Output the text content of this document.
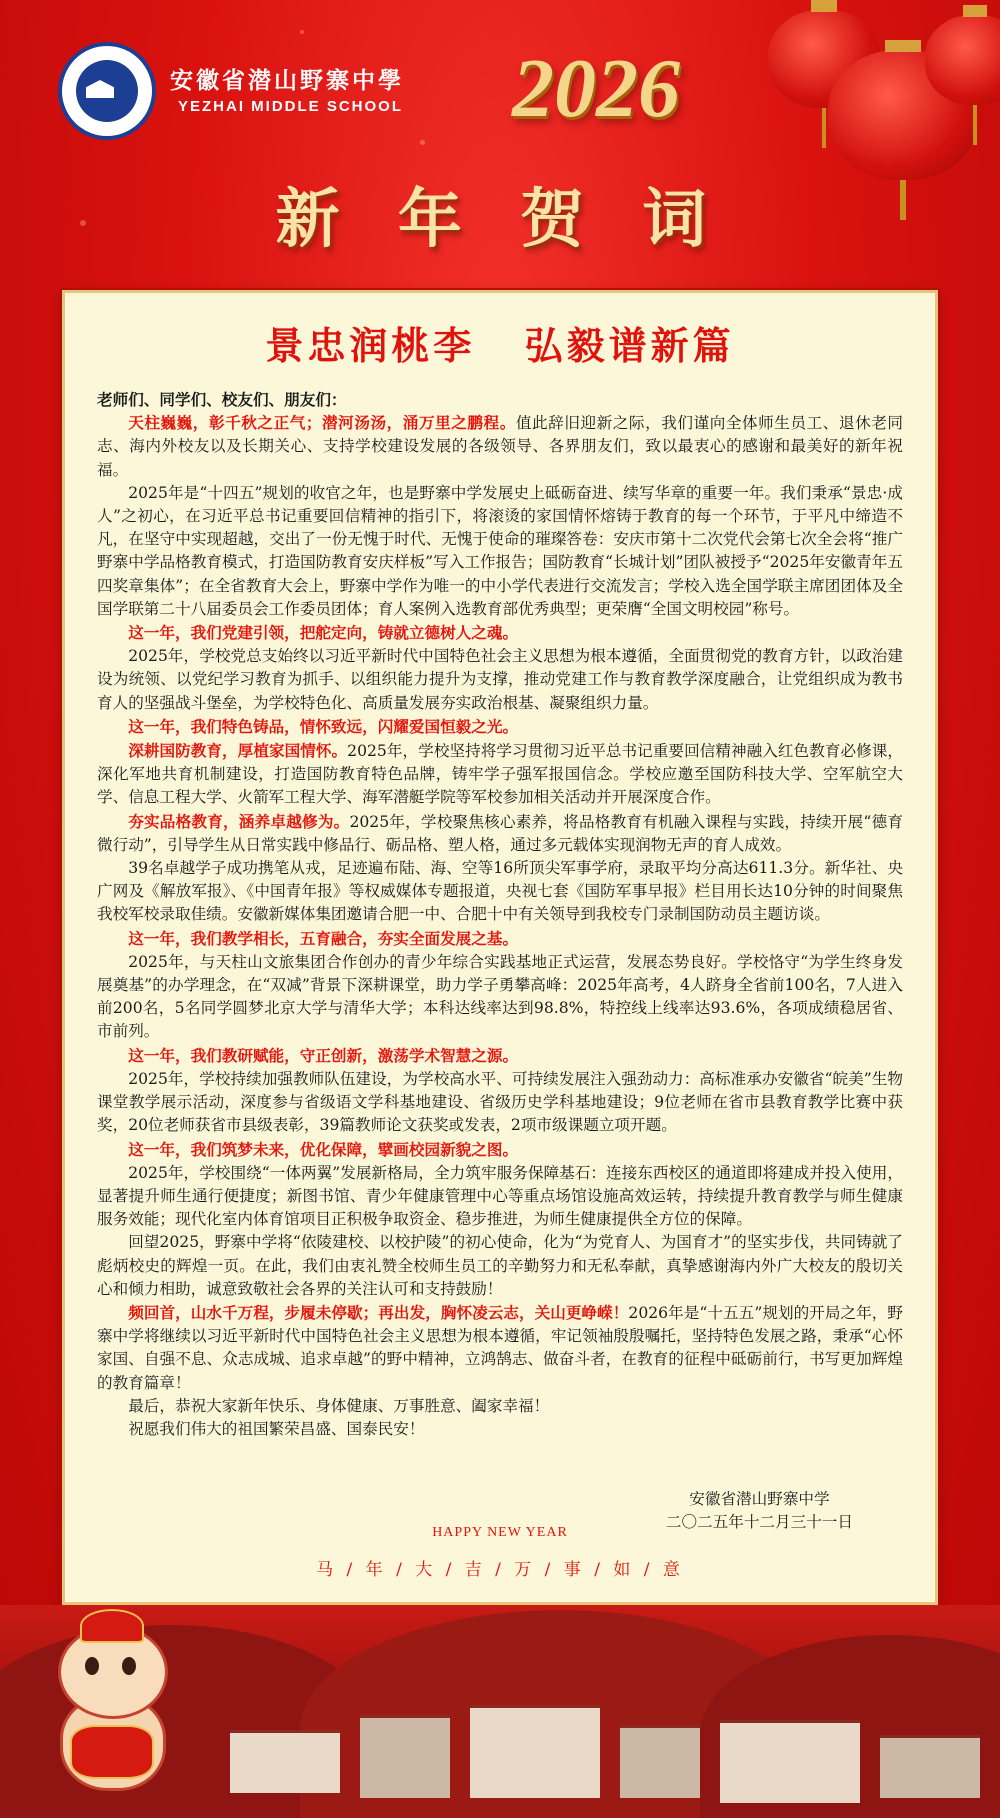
安徽省潜山野寨中學
YEZHAI MIDDLE SCHOOL 2026
新 年 贺 词
景忠润桃李 弘毅谱新篇

老师们、同学们、校友们、朋友们：

天柱巍巍，彰千秋之正气；潜河汤汤，涌万里之鹏程。值此辞旧迎新之际，我们谨向全体师生员工、退休老同志、海内外校友以及长期关心、支持学校建设发展的各级领导、各界朋友们，致以最衷心的感谢和最美好的新年祝福。

2025年是“十四五”规划的收官之年，也是野寨中学发展史上砥砺奋进、续写华章的重要一年。我们秉承“景忠·成人”之初心，在习近平总书记重要回信精神的指引下，将滚烫的家国情怀熔铸于教育的每一个环节，于平凡中缔造不凡，在坚守中实现超越，交出了一份无愧于时代、无愧于使命的璀璨答卷：安庆市第十二次党代会第七次全会将“推广野寨中学品格教育模式，打造国防教育安庆样板”写入工作报告；国防教育“长城计划”团队被授予“2025年安徽青年五四奖章集体”；在全省教育大会上，野寨中学作为唯一的中小学代表进行交流发言；学校入选全国学联主席团团体及全国学联第二十八届委员会工作委员团体；育人案例入选教育部优秀典型；更荣膺“全国文明校园”称号。

这一年，我们党建引领，把舵定向，铸就立德树人之魂。

2025年，学校党总支始终以习近平新时代中国特色社会主义思想为根本遵循，全面贯彻党的教育方针，以政治建设为统领、以党纪学习教育为抓手、以组织能力提升为支撑，推动党建工作与教育教学深度融合，让党组织成为教书育人的坚强战斗堡垒，为学校特色化、高质量发展夯实政治根基、凝聚组织力量。

这一年，我们特色铸品，情怀致远，闪耀爱国恒毅之光。

深耕国防教育，厚植家国情怀。2025年，学校坚持将学习贯彻习近平总书记重要回信精神融入红色教育必修课，深化军地共育机制建设，打造国防教育特色品牌，铸牢学子强军报国信念。学校应邀至国防科技大学、空军航空大学、信息工程大学、火箭军工程大学、海军潜艇学院等军校参加相关活动并开展深度合作。

夯实品格教育，涵养卓越修为。2025年，学校聚焦核心素养，将品格教育有机融入课程与实践，持续开展“德育微行动”，引导学生从日常实践中修品行、砺品格、塑人格，通过多元载体实现润物无声的育人成效。

39名卓越学子成功携笔从戎，足迹遍布陆、海、空等16所顶尖军事学府，录取平均分高达611.3分。新华社、央广网及《解放军报》、《中国青年报》等权威媒体专题报道，央视七套《国防军事早报》栏目用长达10分钟的时间聚焦我校军校录取佳绩。安徽新媒体集团邀请合肥一中、合肥十中有关领导到我校专门录制国防动员主题访谈。

这一年，我们教学相长，五育融合，夯实全面发展之基。

2025年，与天柱山文旅集团合作创办的青少年综合实践基地正式运营，发展态势良好。学校恪守“为学生终身发展奠基”的办学理念，在“双减”背景下深耕课堂，助力学子勇攀高峰：2025年高考，4人跻身全省前100名，7人进入前200名，5名同学圆梦北京大学与清华大学；本科达线率达到98.8%，特控线上线率达93.6%，各项成绩稳居省、市前列。

这一年，我们教研赋能，守正创新，激荡学术智慧之源。

2025年，学校持续加强教师队伍建设，为学校高水平、可持续发展注入强劲动力：高标准承办安徽省“皖美”生物课堂教学展示活动，深度参与省级语文学科基地建设、省级历史学科基地建设；9位老师在省市县教育教学比赛中获奖，20位老师获省市县级表彰，39篇教师论文获奖或发表，2项市级课题立项开题。

这一年，我们筑梦未来，优化保障，擘画校园新貌之图。

2025年，学校围绕“一体两翼”发展新格局，全力筑牢服务保障基石：连接东西校区的通道即将建成并投入使用，显著提升师生通行便捷度；新图书馆、青少年健康管理中心等重点场馆设施高效运转，持续提升教育教学与师生健康服务效能；现代化室内体育馆项目正积极争取资金、稳步推进，为师生健康提供全方位的保障。

回望2025，野寨中学将“依陵建校、以校护陵”的初心使命，化为“为党育人、为国育才”的坚实步伐，共同铸就了彪炳校史的辉煌一页。在此，我们由衷礼赞全校师生员工的辛勤努力和无私奉献，真挚感谢海内外广大校友的殷切关心和倾力相助，诚意致敬社会各界的关注认可和支持鼓励！

频回首，山水千万程，步履未停歇；再出发，胸怀凌云志，关山更峥嵘！2026年是“十五五”规划的开局之年，野寨中学将继续以习近平新时代中国特色社会主义思想为根本遵循，牢记领袖殷殷嘱托，坚持特色发展之路，秉承“心怀家国、自强不息、众志成城、追求卓越”的野中精神，立鸿鹄志、做奋斗者，在教育的征程中砥砺前行，书写更加辉煌的教育篇章！

最后，恭祝大家新年快乐、身体健康、万事胜意、阖家幸福！

祝愿我们伟大的祖国繁荣昌盛、国泰民安！

安徽省潜山野寨中学
二〇二五年十二月三十一日
HAPPY NEW YEAR
马 / 年 / 大 / 吉 / 万 / 事 / 如 / 意
